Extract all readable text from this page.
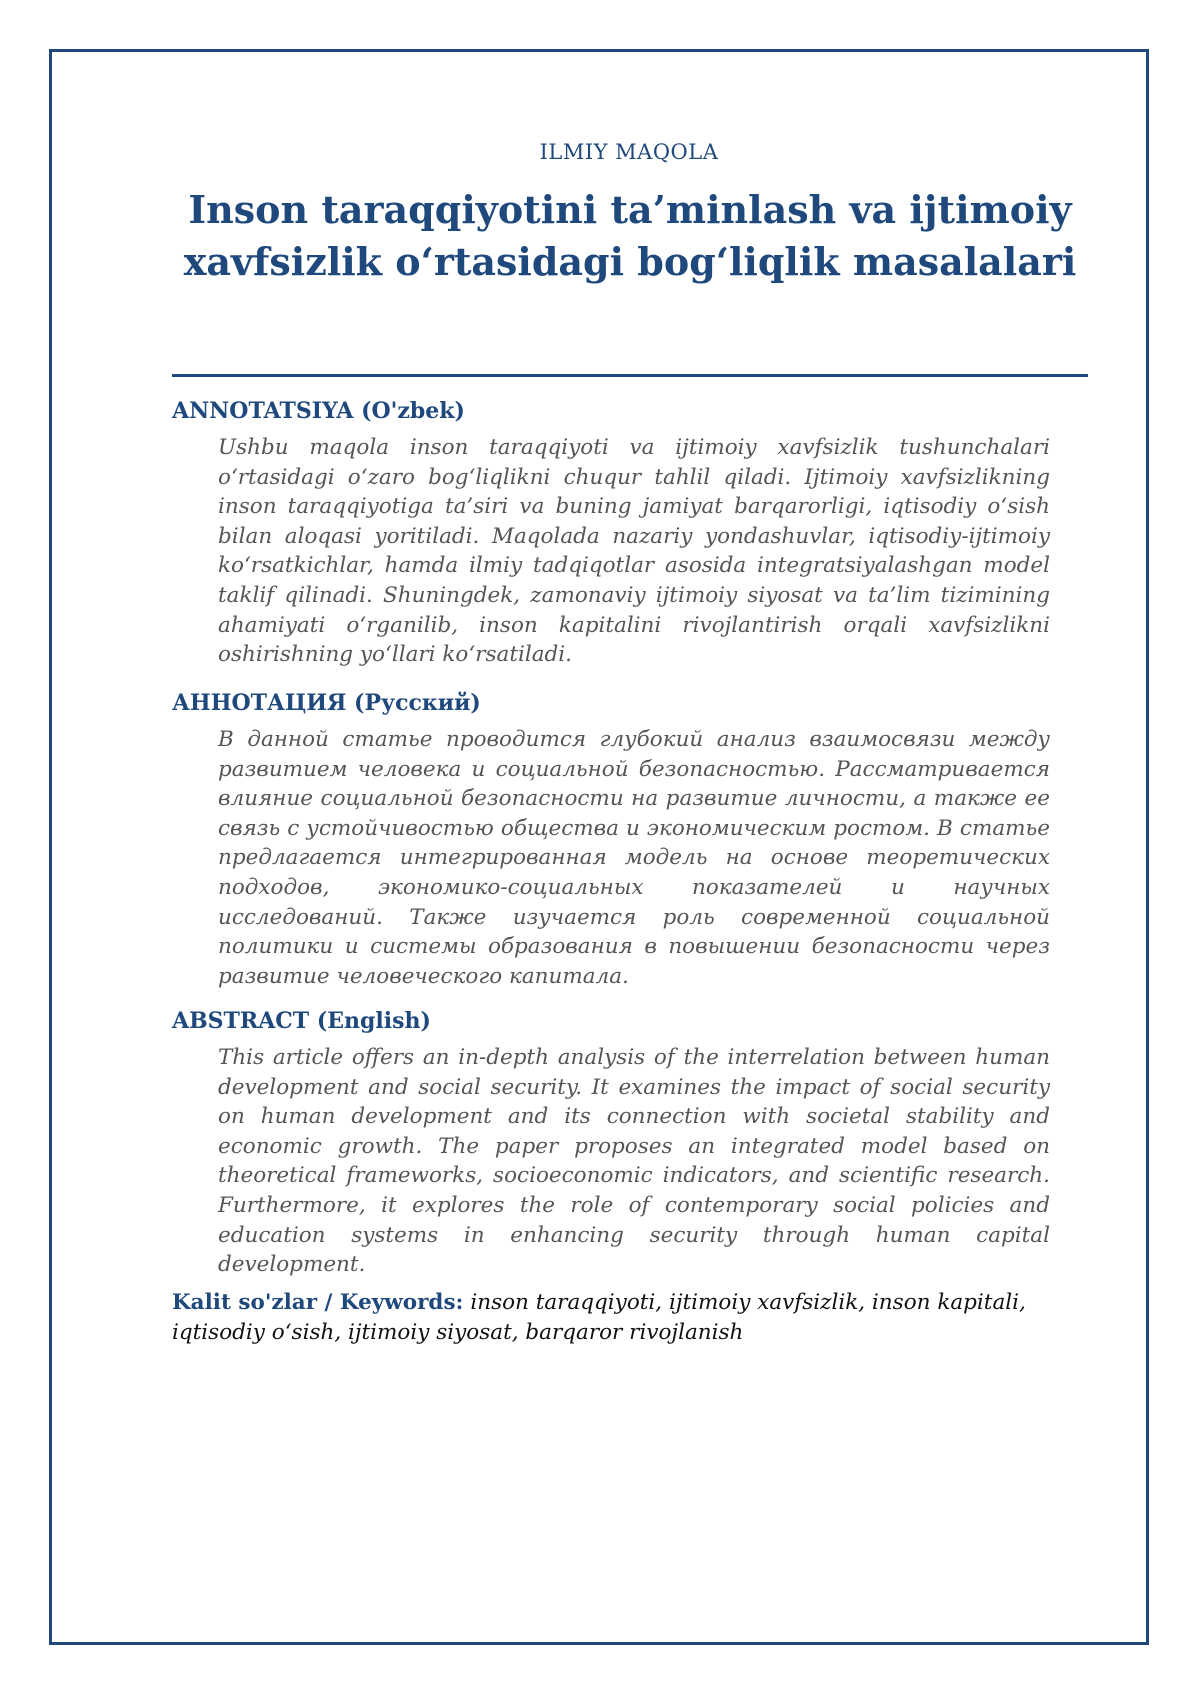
ILMIY MAQOLA
Inson taraqqiyotini ta’minlash va ijtimoiy xavfsizlik o‘rtasidagi bog‘liqlik masalalari
ANNOTATSIYA (O'zbek)

Ushbu maqola inson taraqqiyoti va ijtimoiy xavfsizlik tushunchalari o‘rtasidagi o‘zaro bog‘liqlikni chuqur tahlil qiladi. Ijtimoiy xavfsizlikning inson taraqqiyotiga ta’siri va buning jamiyat barqarorligi, iqtisodiy o‘sish bilan aloqasi yoritiladi. Maqolada nazariy yondashuvlar, iqtisodiy-ijtimoiy ko‘rsatkichlar, hamda ilmiy tadqiqotlar asosida integratsiyalashgan model taklif qilinadi. Shuningdek, zamonaviy ijtimoiy siyosat va ta’lim tizimining ahamiyati o‘rganilib, inson kapitalini rivojlantirish orqali xavfsizlikni oshirishning yo‘llari ko‘rsatiladi.

АННОТАЦИЯ (Русский)

В данной статье проводится глубокий анализ взаимосвязи между развитием человека и социальной безопасностью. Рассматривается влияние социальной безопасности на развитие личности, а также ее связь с устойчивостью общества и экономическим ростом. В статье предлагается интегрированная модель на основе теоретических подходов, экономико-социальных показателей и научных исследований. Также изучается роль современной социальной политики и системы образования в повышении безопасности через развитие человеческого капитала.

ABSTRACT (English)

This article offers an in-depth analysis of the interrelation between human development and social security. It examines the impact of social security on human development and its connection with societal stability and economic growth. The paper proposes an integrated model based on theoretical frameworks, socioeconomic indicators, and scientific research. Furthermore, it explores the role of contemporary social policies and education systems in enhancing security through human capital development.

Kalit so'zlar / Keywords: inson taraqqiyoti, ijtimoiy xavfsizlik, inson kapitali, iqtisodiy o‘sish, ijtimoiy siyosat, barqaror rivojlanish
